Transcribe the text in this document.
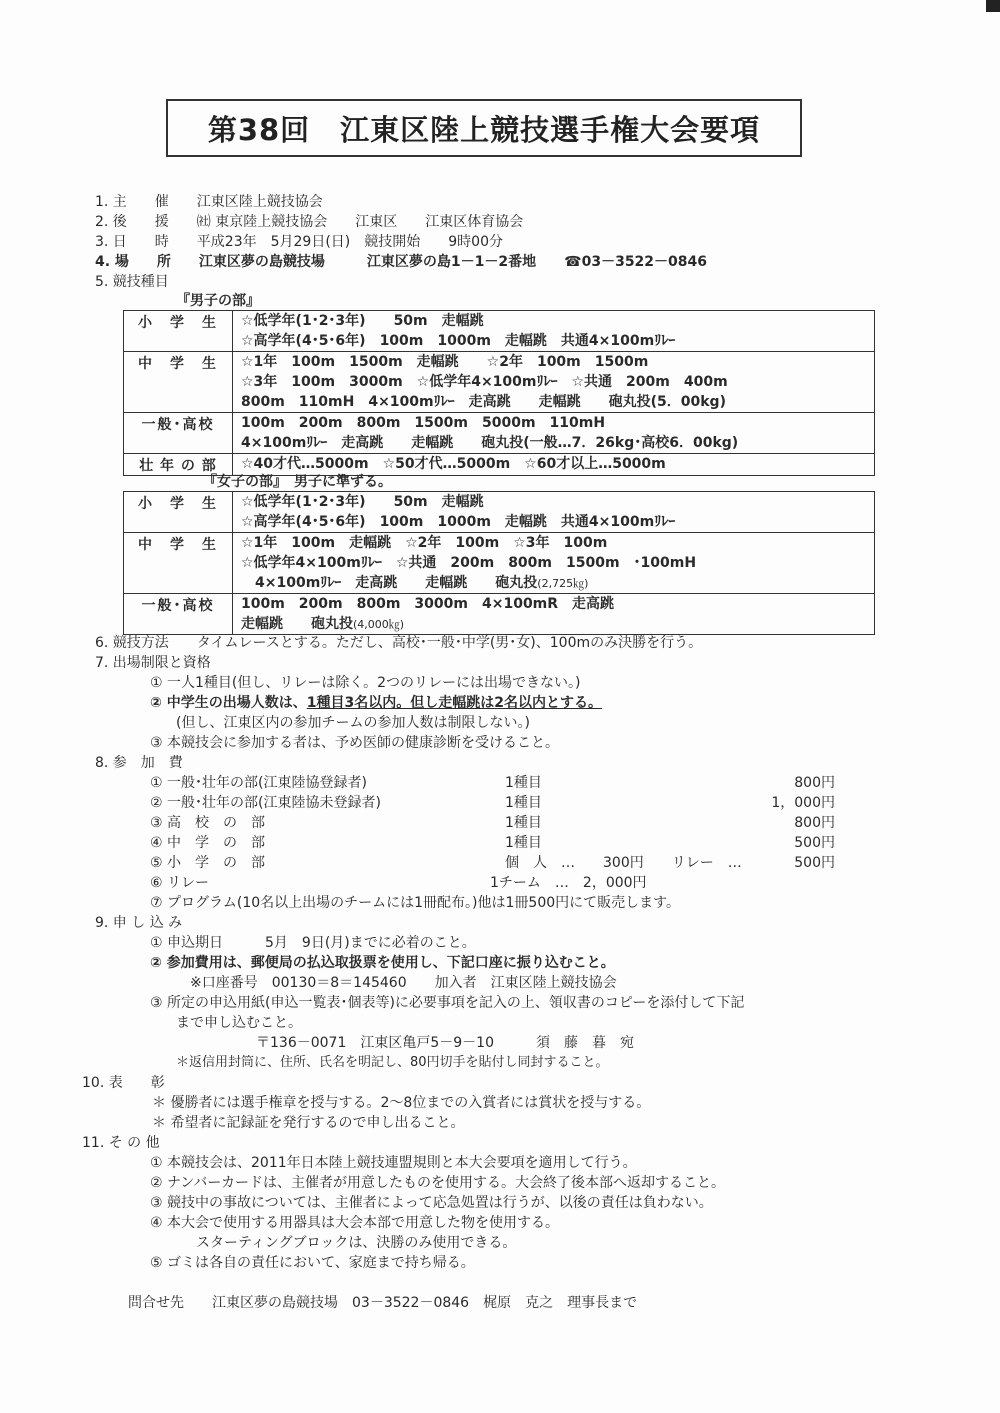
第38回　江東区陸上競技選手権大会要項
1. 主　　催　　江東区陸上競技協会
2. 後　　援　　㈳ 東京陸上競技協会　　江東区　　江東区体育協会
3. 日　　時　　平成23年　5月29日(日)　競技開始　　9時00分
4. 場　　所　　江東区夢の島競技場　　　江東区夢の島1－1－2番地　　☎03－3522－0846
5. 競技種目
『男子の部』
小　学　生	☆低学年(1･2･3年)　　50m　走幅跳
☆高学年(4･5･6年)　100m　1000m　走幅跳　共通4×100mﾘﾚｰ

中　学　生	☆1年　100m　1500m　走幅跳　　☆2年　100m　1500m
☆3年　100m　3000m　☆低学年4×100mﾘﾚｰ　☆共通　200m　400m
800m　110mH　4×100mﾘﾚｰ　走高跳　　走幅跳　　砲丸投(5．00kg)

一般･高校	100m　200m　800m　1500m　5000m　110mH
4×100mﾘﾚｰ　走高跳　　走幅跳　　砲丸投(一般…7．26kg･高校6．00kg)

壮 年 の 部	☆40才代…5000m　☆50才代…5000m　☆60才以上…5000m
『女子の部』　男子に準ずる。
小　学　生	☆低学年(1･2･3年)　　50m　走幅跳
☆高学年(4･5･6年)　100m　1000m　走幅跳　共通4×100mﾘﾚｰ

中　学　生	☆1年　100m　走幅跳　☆2年　100m　☆3年　100m
☆低学年4×100mﾘﾚｰ　☆共通　200m　800m　1500m　･100mH
　4×100mﾘﾚｰ　走高跳　　走幅跳　　砲丸投(2,725㎏)

一般･高校	100m　200m　800m　3000m　4×100mR　走高跳
走幅跳　　砲丸投(4,000㎏)
6. 競技方法　　タイムレースとする。ただし、高校･一般･中学(男･女)、100mのみ決勝を行う。
7. 出場制限と資格
① 一人1種目(但し、リレーは除く。2つのリレーには出場できない。)
② 中学生の出場人数は、1種目3名以内。但し走幅跳は2名以内とする。
(但し、江東区内の参加チームの参加人数は制限しない。)
③ 本競技会に参加する者は、予め医師の健康診断を受けること。
8. 参　加　費
① 一般･壮年の部(江東陸協登録者)	1種目	800円
② 一般･壮年の部(江東陸協未登録者)	1種目	1，000円
③ 高　校　の　部	1種目	800円
④ 中　学　の　部	1種目	500円
⑤ 小　学　の　部	個　人　…　　300円　　リレー　…	500円
⑥ リレー	1チーム　…　2，000円
⑦ プログラム(10名以上出場のチームには1冊配布。)他は1冊500円にて販売します。
9. 申 し 込 み
① 申込期日　　　5月　9日(月)までに必着のこと。
② 参加費用は、郵便局の払込取扱票を使用し、下記口座に振り込むこと。
※口座番号　00130＝8＝145460　　加入者　江東区陸上競技協会
③ 所定の申込用紙(申込一覧表･個表等)に必要事項を記入の上、領収書のコピーを添付して下記
まで申し込むこと。
〒136－0071　江東区亀戸5－9－10　　　須　藤　暮　宛
＊返信用封筒に、住所、氏名を明記し、80円切手を貼付し同封すること。
10. 表　　彰
＊ 優勝者には選手権章を授与する。2～8位までの入賞者には賞状を授与する。
＊ 希望者に記録証を発行するので申し出ること。
11. そ の 他
① 本競技会は、2011年日本陸上競技連盟規則と本大会要項を適用して行う。
② ナンバーカードは、主催者が用意したものを使用する。大会終了後本部へ返却すること。
③ 競技中の事故については、主催者によって応急処置は行うが、以後の責任は負わない。
④ 本大会で使用する用器具は大会本部で用意した物を使用する。
スターティングブロックは、決勝のみ使用できる。
⑤ ゴミは各自の責任において、家庭まで持ち帰る。
問合せ先　　江東区夢の島競技場　03－3522－0846　梶原　克之　理事長まで
